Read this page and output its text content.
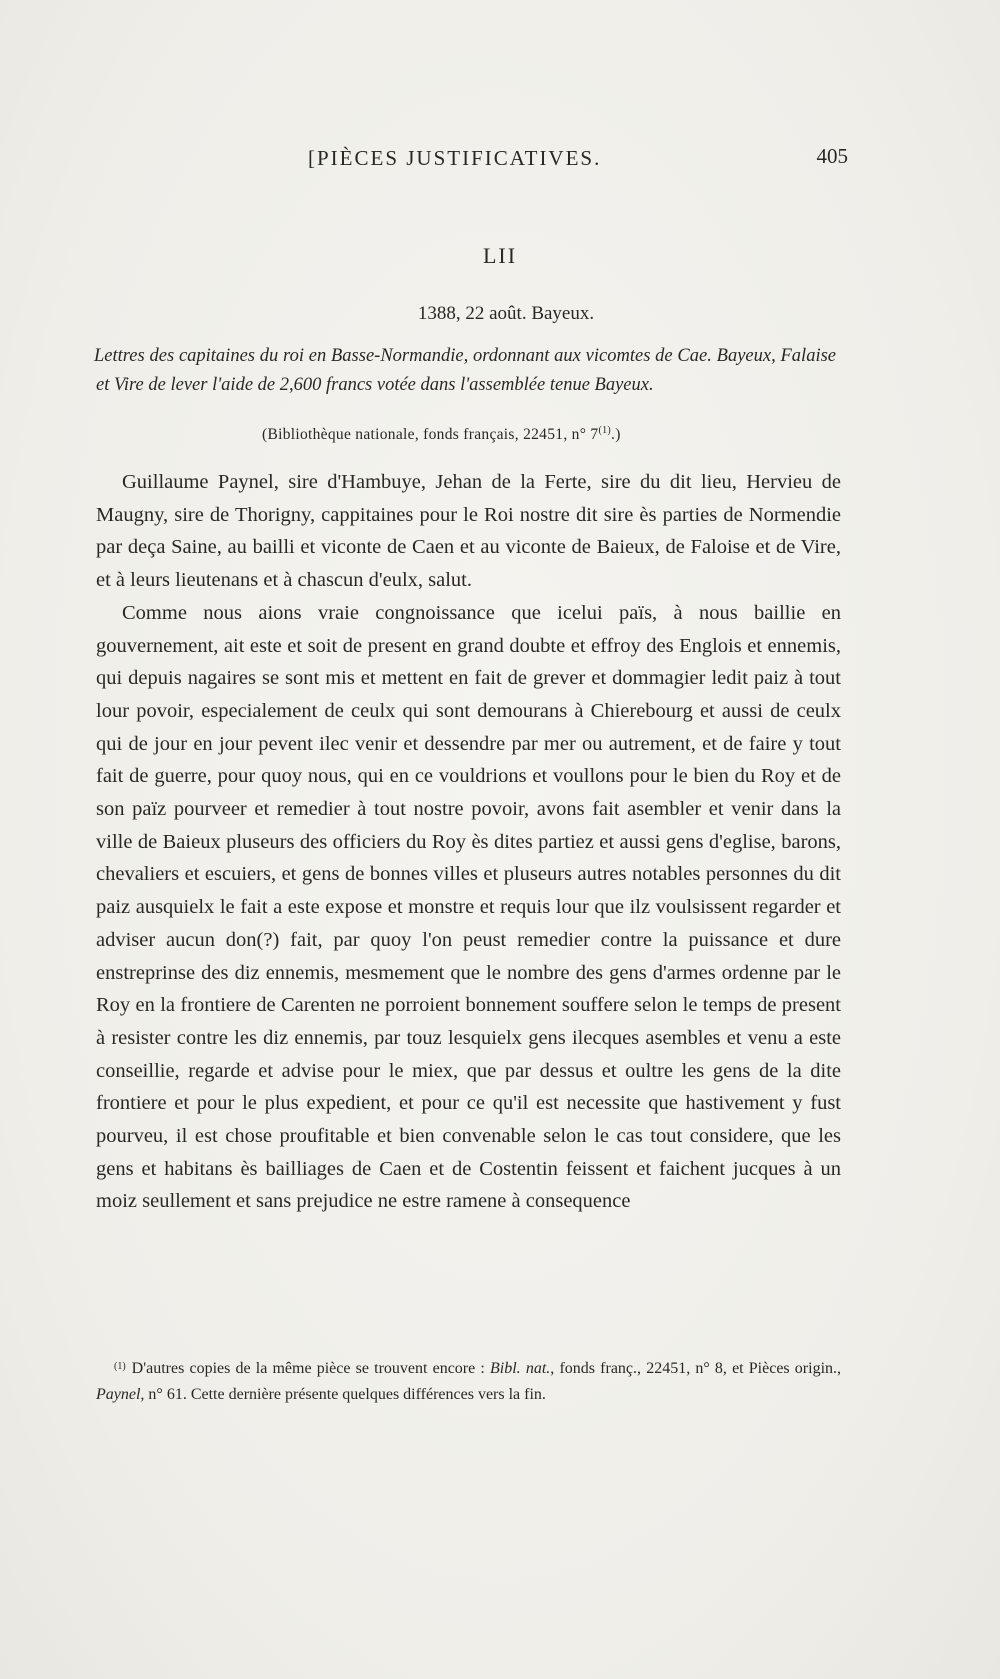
[PIÈCES JUSTIFICATIVES.	405
LII
1388, 22 août. Bayeux.
Lettres des capitaines du roi en Basse-Normandie, ordonnant aux vicomtes de Cae. Bayeux, Falaise et Vire de lever l'aide de 2,600 francs votée dans l'assemblée tenue Bayeux.
(Bibliothèque nationale, fonds français, 22451, n° 7$^{(1)}$.)

Guillaume Paynel, sire d'Hambuye, Jehan de la Ferte, sire du dit lieu, Hervieu de Maugny, sire de Thorigny, cappitaines pour le Roi nostre dit sire ès parties de Normendie par deça Saine, au bailli et viconte de Caen et au viconte de Baieux, de Faloise et de Vire, et à leurs lieutenans et à chascun d'eulx, salut.

Comme nous aions vraie congnoissance que icelui païs, à nous baillie en gouvernement, ait este et soit de present en grand doubte et effroy des Englois et ennemis, qui depuis nagaires se sont mis et mettent en fait de grever et dommagier ledit paiz à tout lour povoir, especialement de ceulx qui sont demourans à Chierebourg et aussi de ceulx qui de jour en jour pevent ilec venir et dessendre par mer ou autrement, et de faire y tout fait de guerre, pour quoy nous, qui en ce vouldrions et voullons pour le bien du Roy et de son païz pourveer et remedier à tout nostre povoir, avons fait asembler et venir dans la ville de Baieux pluseurs des officiers du Roy ès dites partiez et aussi gens d'eglise, barons, chevaliers et escuiers, et gens de bonnes villes et pluseurs autres notables personnes du dit paiz ausquielx le fait a este expose et monstre et requis lour que ilz voulsissent regarder et adviser aucun don(?) fait, par quoy l'on peust remedier contre la puissance et dure enstreprinse des diz ennemis, mesmement que le nombre des gens d'armes ordenne par le Roy en la frontiere de Carenten ne porroient bonnement souffere selon le temps de present à resister contre les diz ennemis, par touz lesquielx gens ilecques asembles et venu a este conseillie, regarde et advise pour le miex, que par dessus et oultre les gens de la dite frontiere et pour le plus expedient, et pour ce qu'il est necessite que hastivement y fust pourveu, il est chose proufitable et bien convenable selon le cas tout considere, que les gens et habitans ès bailliages de Caen et de Costentin feissent et faichent jucques à un moiz seullement et sans prejudice ne estre ramene à consequence

$^{(1)}$ D'autres copies de la même pièce se trouvent encore : Bibl. nat., fonds franç., 22451, n° 8, et Pièces origin., Paynel, n° 61. Cette dernière présente quelques différences vers la fin.
